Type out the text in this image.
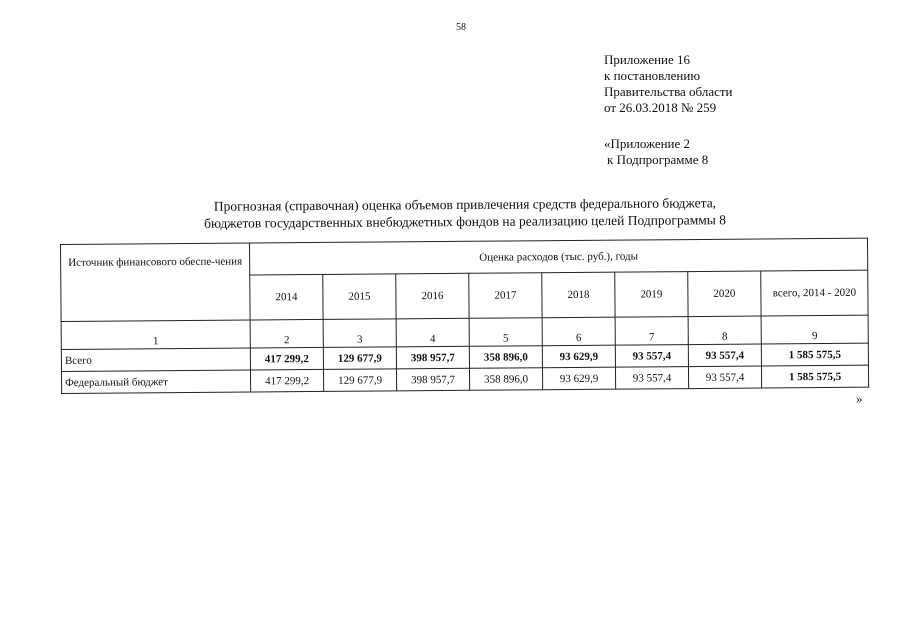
58
Приложение 16
к постановлению
Правительства области
от 26.03.2018 № 259
«Приложение 2
к Подпрограмме 8
Прогнозная (справочная) оценка объемов привлечения средств федерального бюджета,
бюджетов государственных внебюджетных фондов на реализацию целей Подпрограммы 8
Источник финансового обеспе-чения	Оценка расходов (тыс. руб.), годы							
	2014	2015	2016	2017	2018	2019	2020	всего, 2014 - 2020
1	2	3	4	5	6	7	8	9
Всего	417 299,2	129 677,9	398 957,7	358 896,0	93 629,9	93 557,4	93 557,4	1 585 575,5
Федеральный бюджет	417 299,2	129 677,9	398 957,7	358 896,0	93 629,9	93 557,4	93 557,4	1 585 575,5
»
